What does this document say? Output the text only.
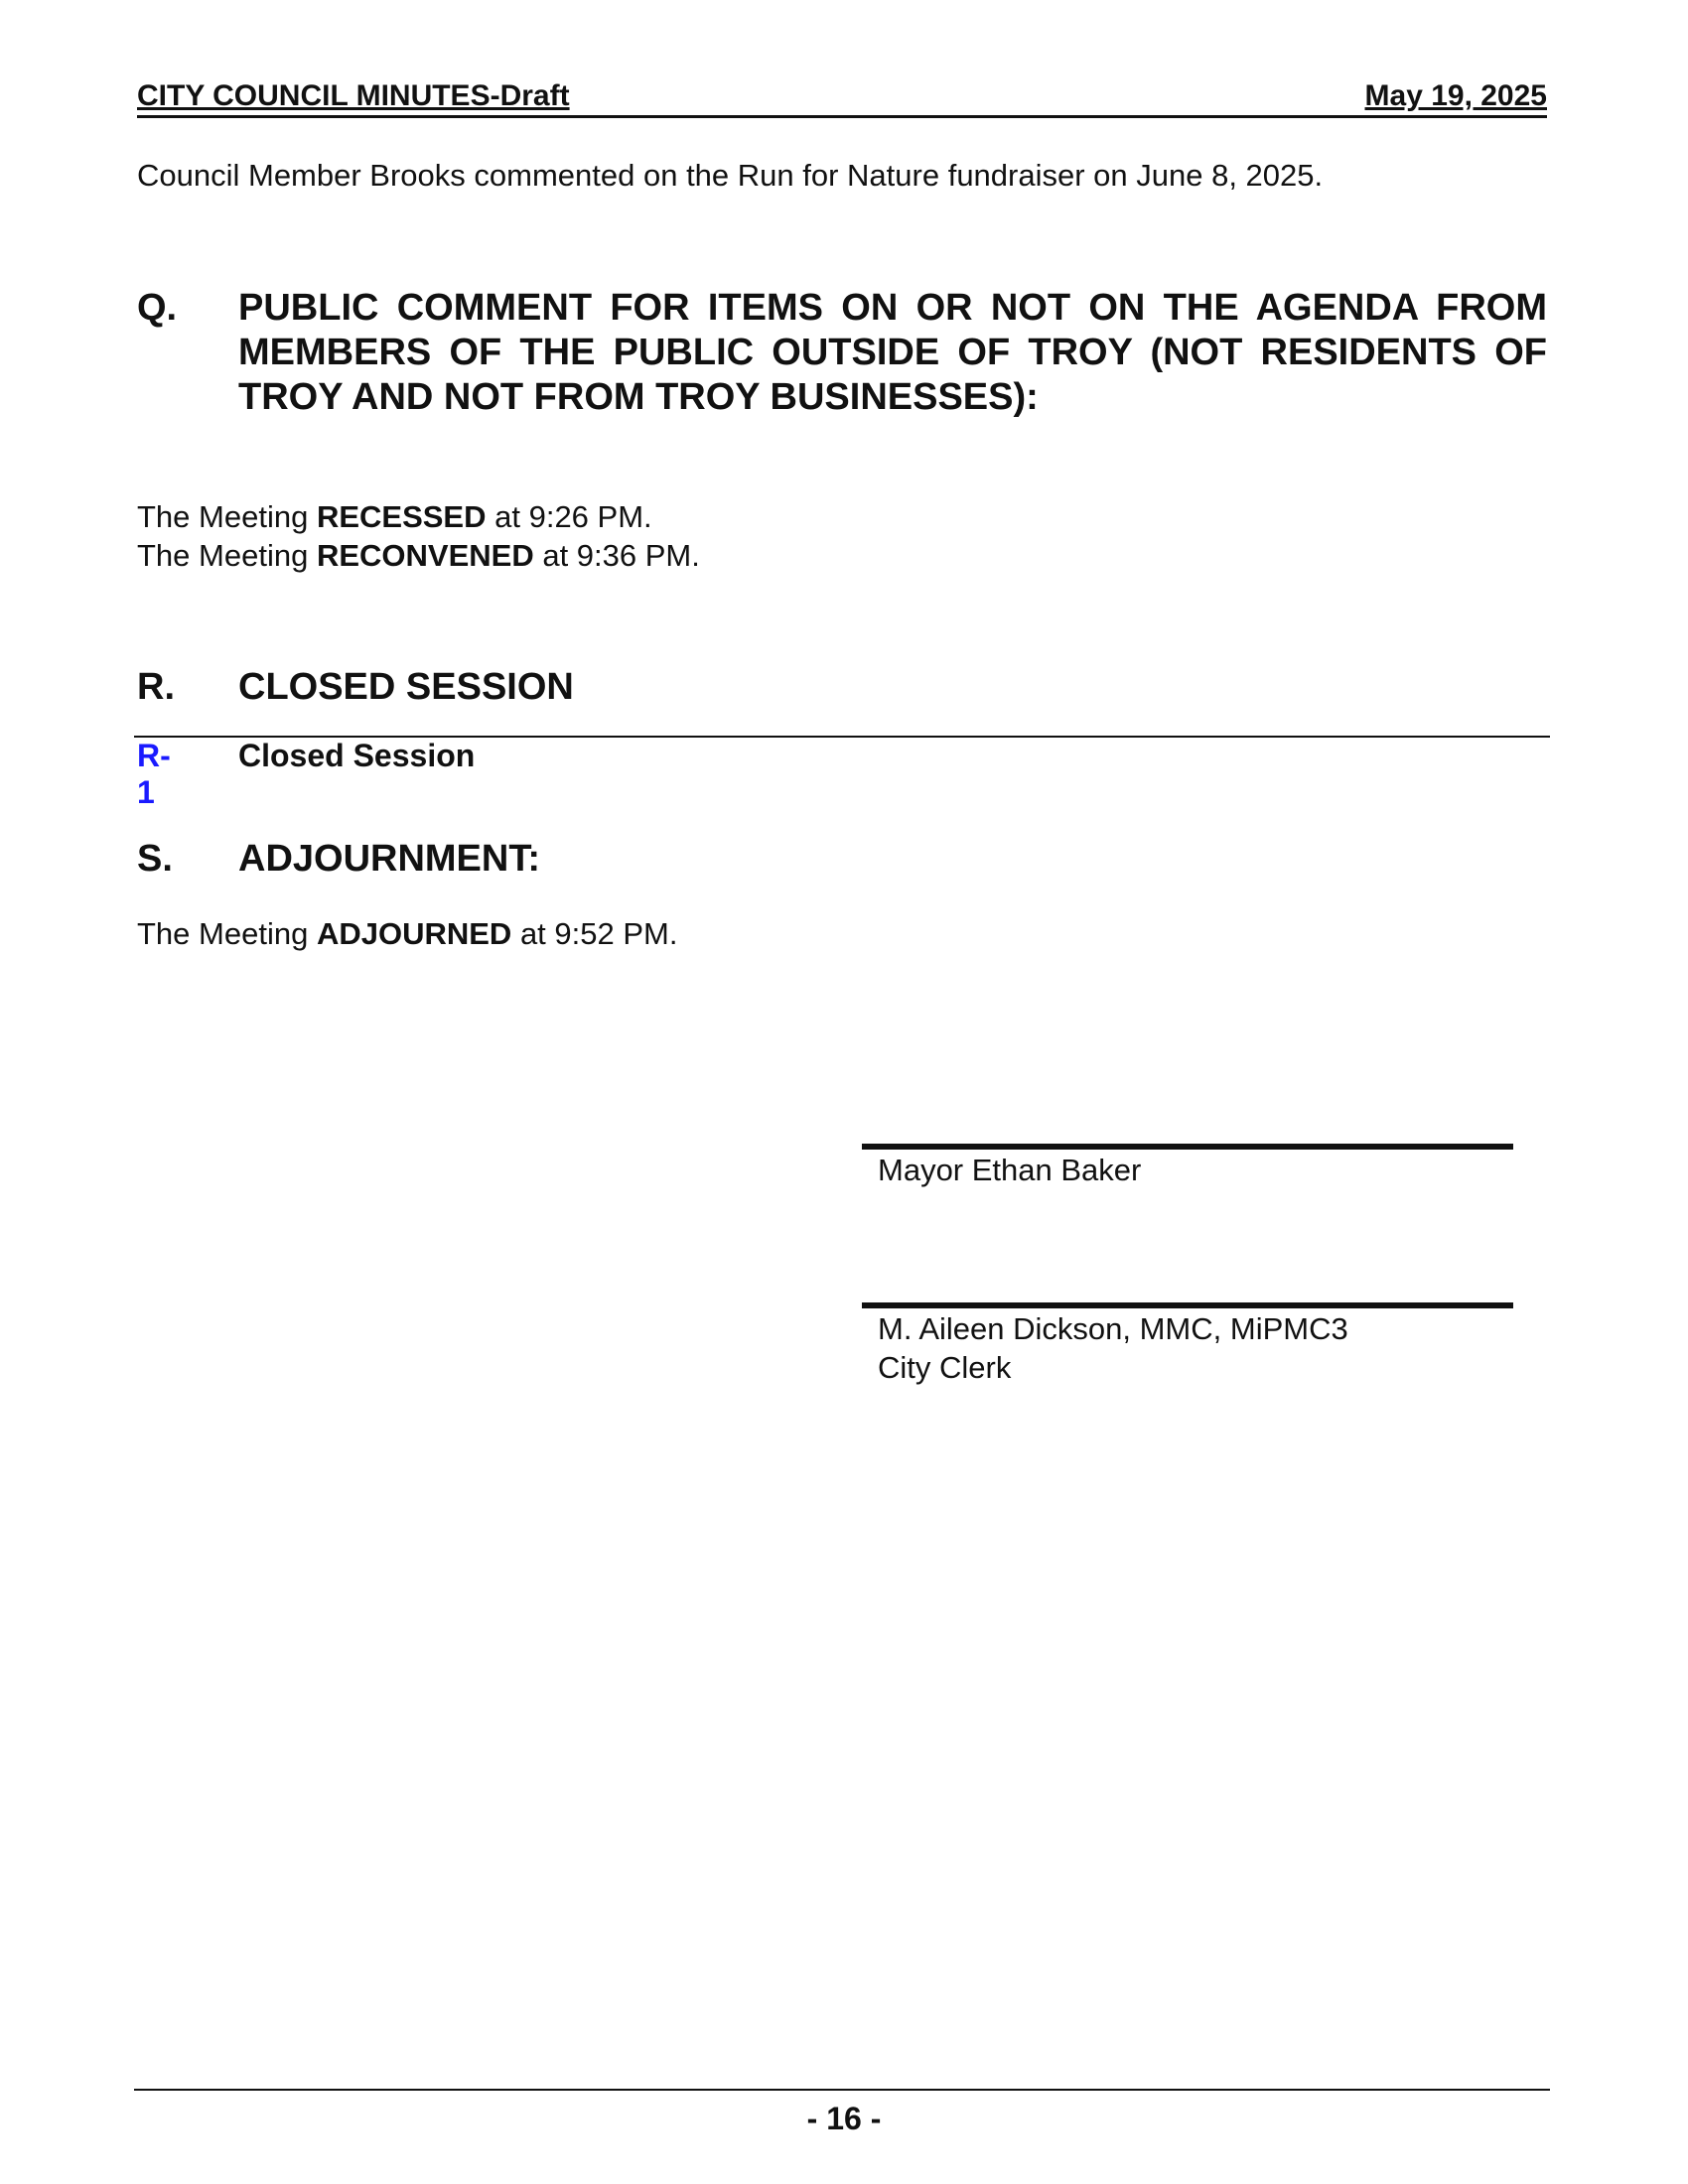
CITY COUNCIL MINUTES-Draft	May 19, 2025
Council Member Brooks commented on the Run for Nature fundraiser on June 8, 2025.
Q. PUBLIC COMMENT FOR ITEMS ON OR NOT ON THE AGENDA FROM MEMBERS OF THE PUBLIC OUTSIDE OF TROY (NOT RESIDENTS OF TROY AND NOT FROM TROY BUSINESSES):
The Meeting RECESSED at 9:26 PM.
The Meeting RECONVENED at 9:36 PM.
R. CLOSED SESSION
R-1
Closed Session
S. ADJOURNMENT:
The Meeting ADJOURNED at 9:52 PM.
Mayor Ethan Baker
M. Aileen Dickson, MMC, MiPMC3
City Clerk
- 16 -
